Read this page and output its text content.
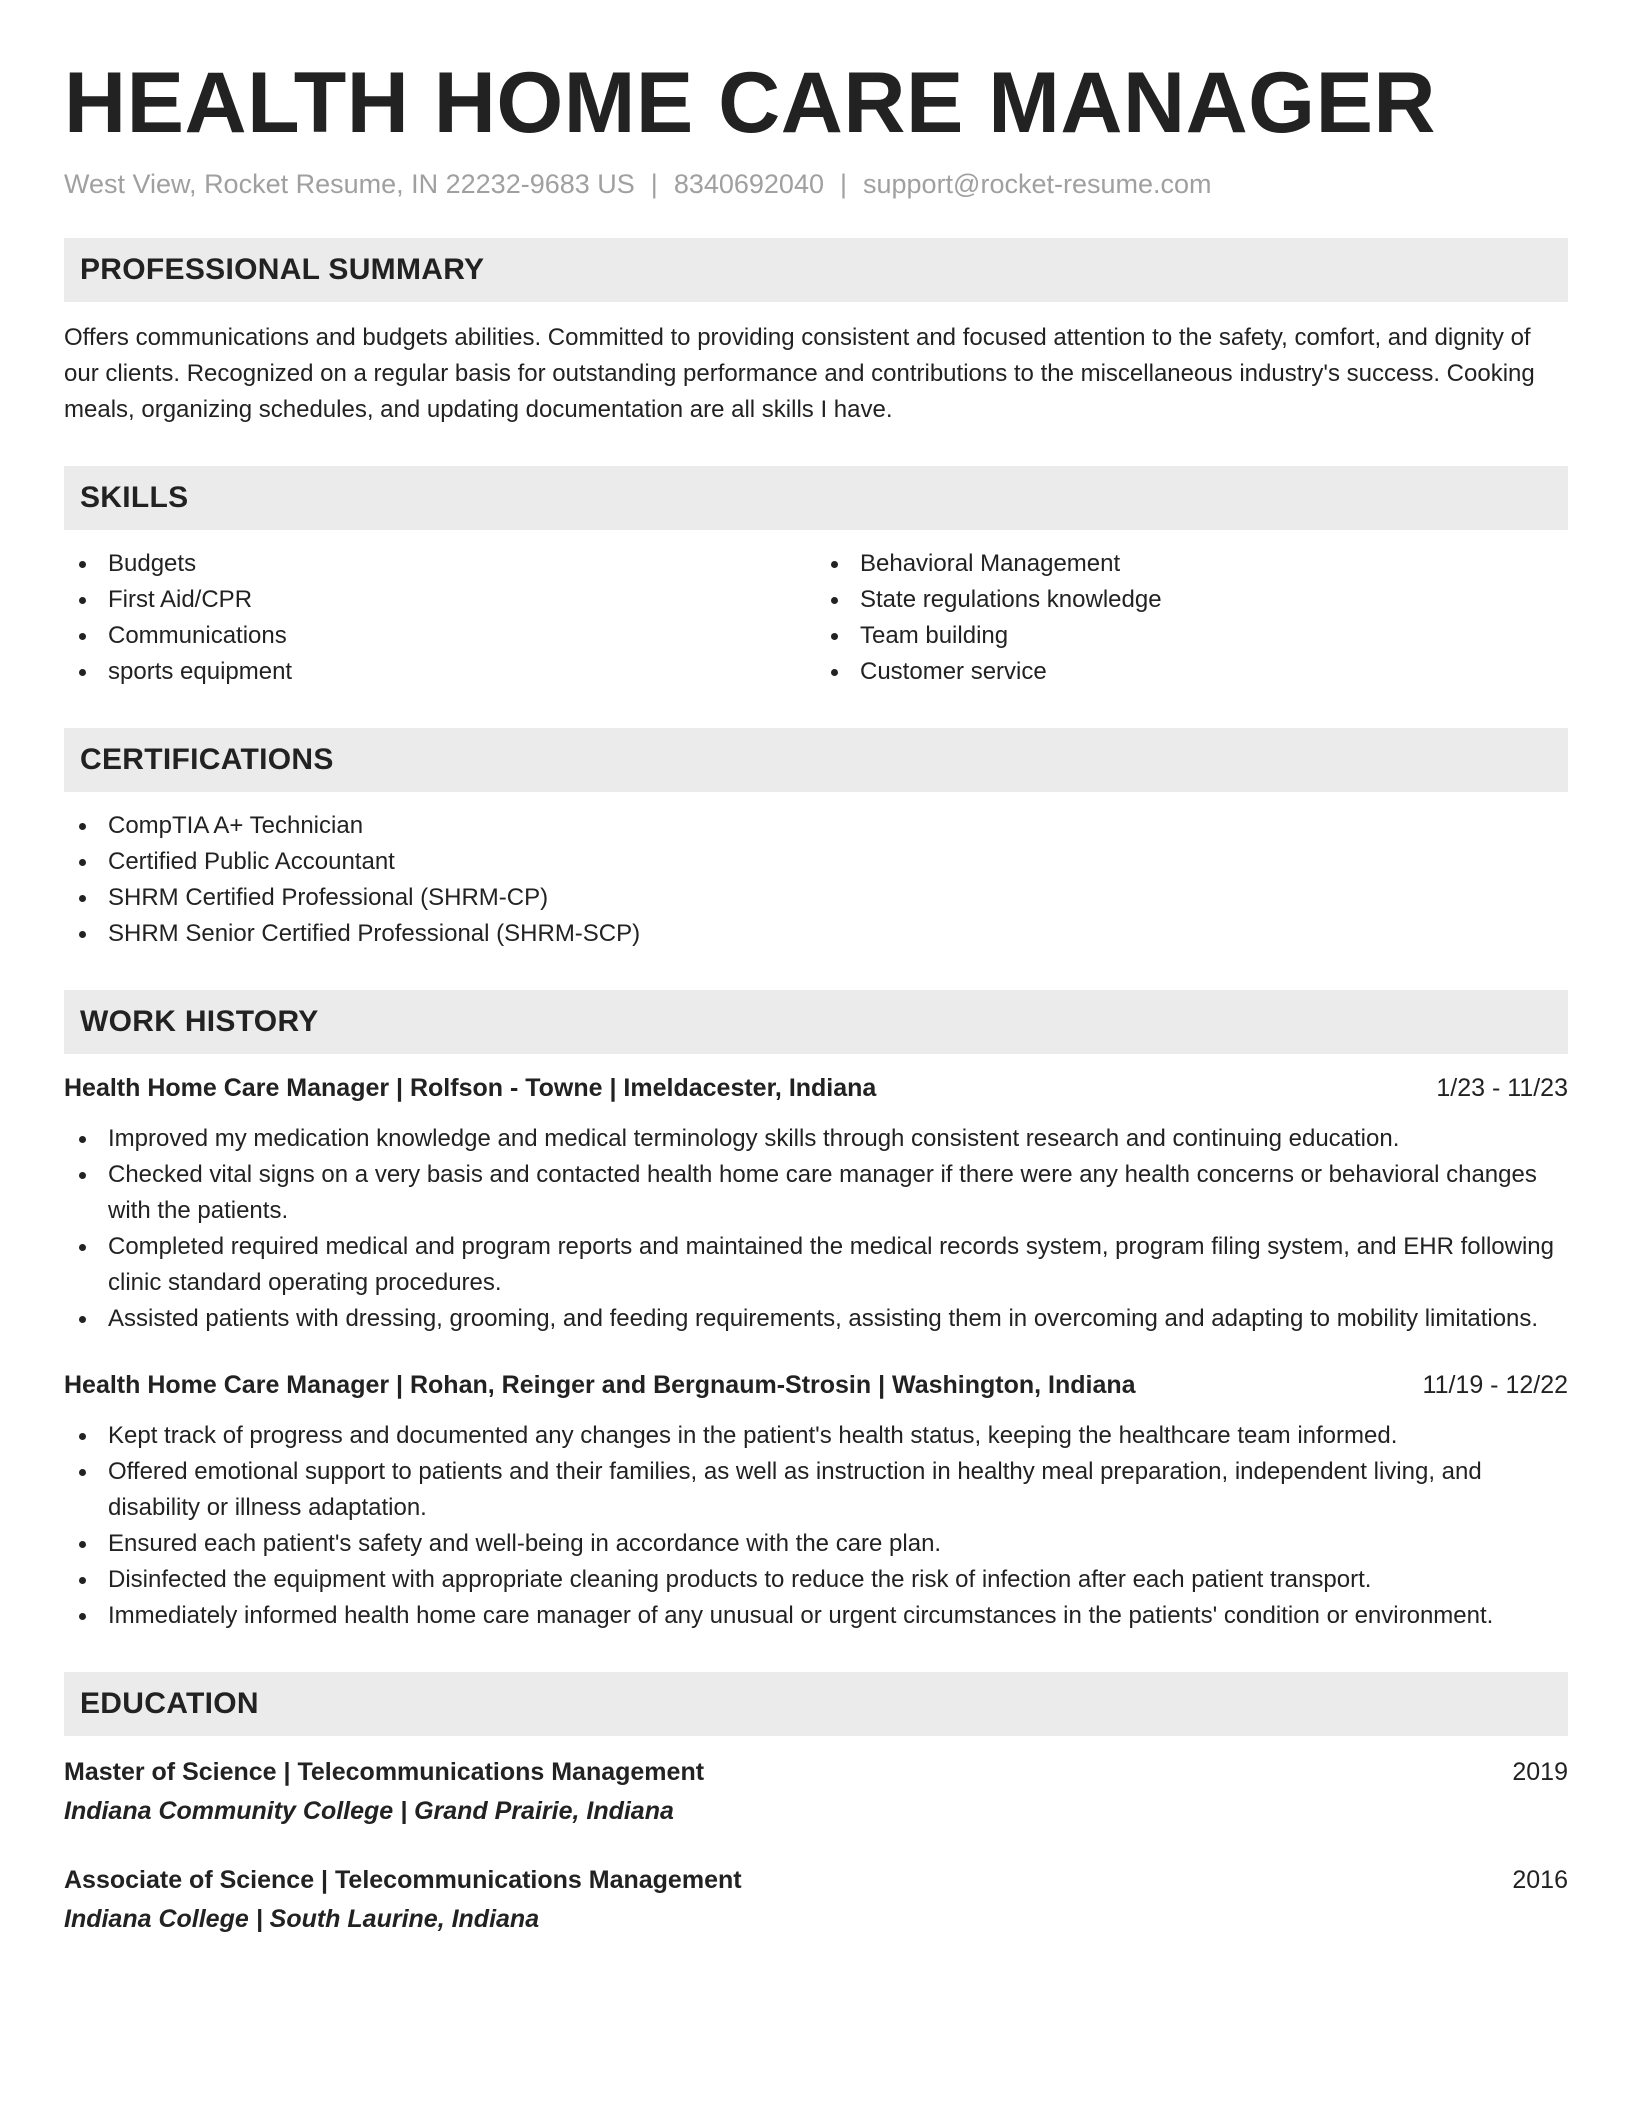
HEALTH HOME CARE MANAGER
West View, Rocket Resume, IN 22232-9683 US | 8340692040 | support@rocket-resume.com
PROFESSIONAL SUMMARY

Offers communications and budgets abilities. Committed to providing consistent and focused attention to the safety, comfort, and dignity of our clients. Recognized on a regular basis for outstanding performance and contributions to the miscellaneous industry's success. Cooking meals, organizing schedules, and updating documentation are all skills I have.

SKILLS
Budgets
First Aid/CPR
Communications
sports equipment
Behavioral Management
State regulations knowledge
Team building
Customer service
CERTIFICATIONS
CompTIA A+ Technician
Certified Public Accountant
SHRM Certified Professional (SHRM-CP)
SHRM Senior Certified Professional (SHRM-SCP)
WORK HISTORY
Health Home Care Manager | Rolfson - Towne | Imeldacester, Indiana	1/23 - 11/23
Improved my medication knowledge and medical terminology skills through consistent research and continuing education.
Checked vital signs on a very basis and contacted health home care manager if there were any health concerns or behavioral changes with the patients.
Completed required medical and program reports and maintained the medical records system, program filing system, and EHR following clinic standard operating procedures.
Assisted patients with dressing, grooming, and feeding requirements, assisting them in overcoming and adapting to mobility limitations.
Health Home Care Manager | Rohan, Reinger and Bergnaum-Strosin | Washington, Indiana	11/19 - 12/22
Kept track of progress and documented any changes in the patient's health status, keeping the healthcare team informed.
Offered emotional support to patients and their families, as well as instruction in healthy meal preparation, independent living, and disability or illness adaptation.
Ensured each patient's safety and well-being in accordance with the care plan.
Disinfected the equipment with appropriate cleaning products to reduce the risk of infection after each patient transport.
Immediately informed health home care manager of any unusual or urgent circumstances in the patients' condition or environment.
EDUCATION
Master of Science | Telecommunications Management	2019
Indiana Community College | Grand Prairie, Indiana
Associate of Science | Telecommunications Management	2016
Indiana College | South Laurine, Indiana
